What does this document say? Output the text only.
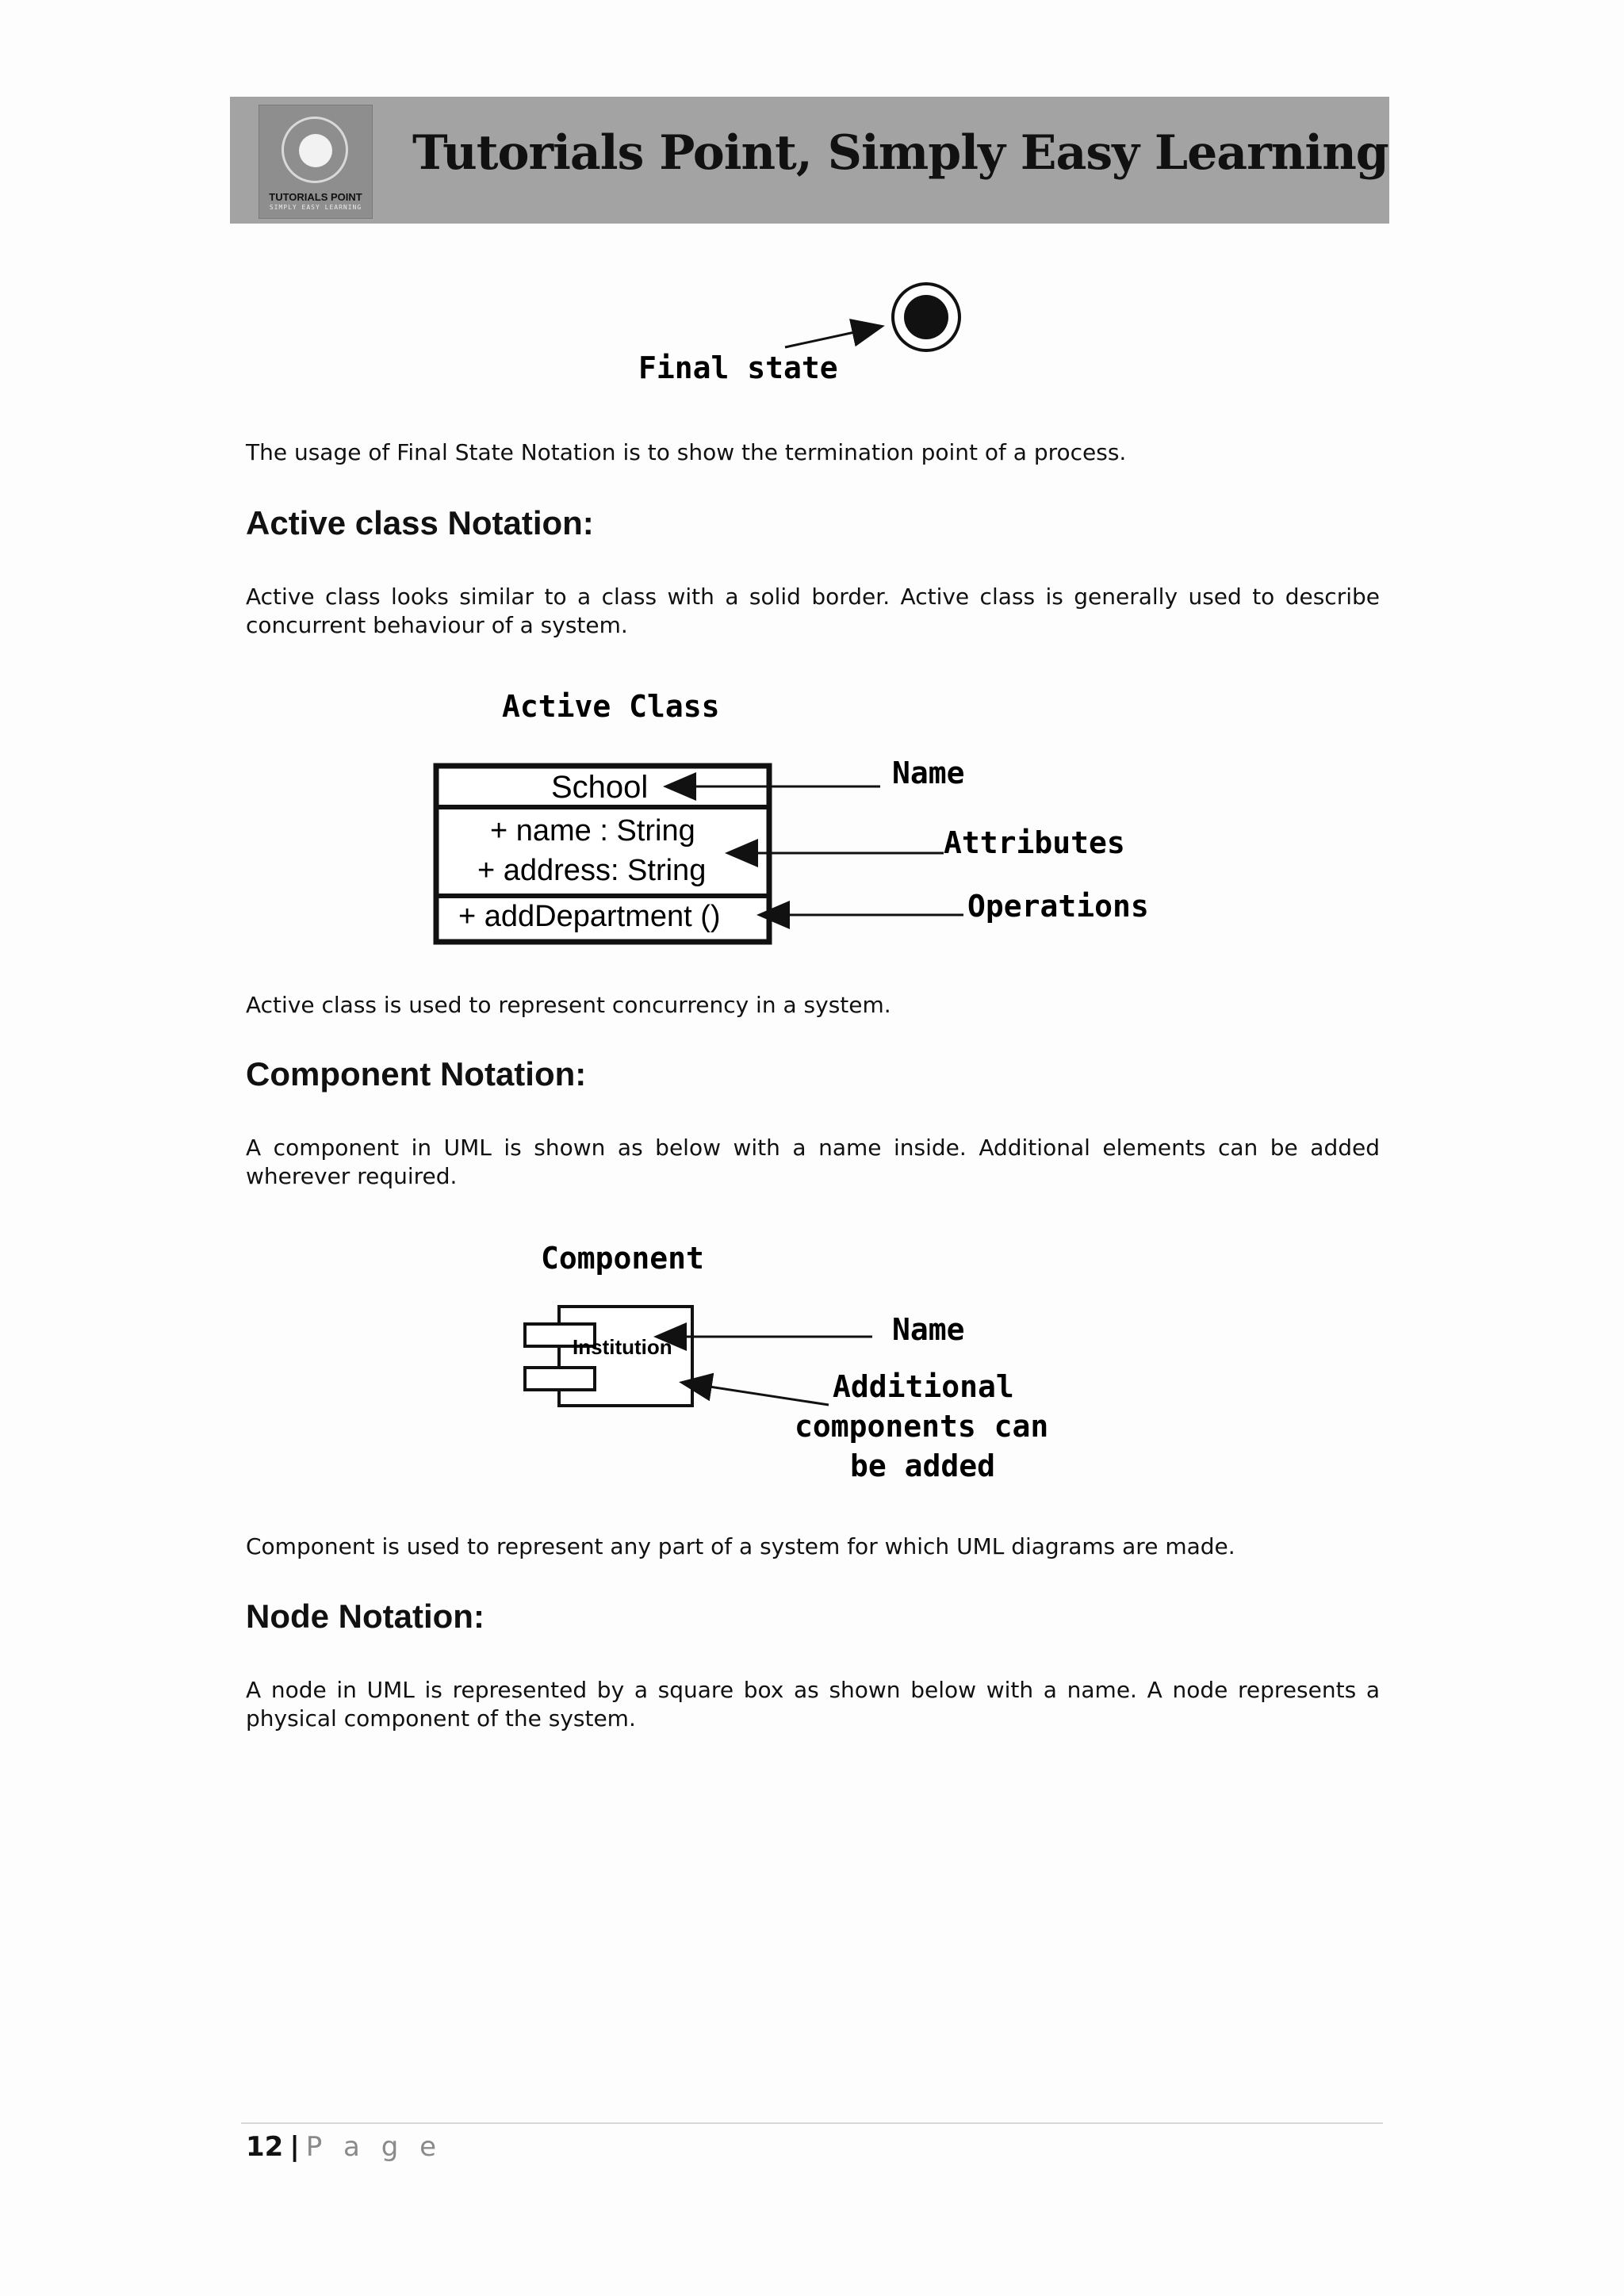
TUTORIALS POINT
SIMPLY EASY LEARNING
Tutorials Point, Simply Easy Learning
Final state
The usage of Final State Notation is to show the termination point of a process.
Active class Notation:
Active class looks similar to a class with a solid border. Active class is generally used to describe concurrent behaviour of a system.
Active Class
School
+ name : String
+ address: String
+ addDepartment ()
Name
Attributes
Operations
Active class is used to represent concurrency in a system.
Component Notation:
A component in UML is shown as below with a name inside. Additional elements can be added wherever required.
Component
Institution	Name
Additional
components can
be added
Component is used to represent any part of a system for which UML diagrams are made.
Node Notation:
A node in UML is represented by a square box as shown below with a name. A node represents a physical component of the system.
12 | P a g e
